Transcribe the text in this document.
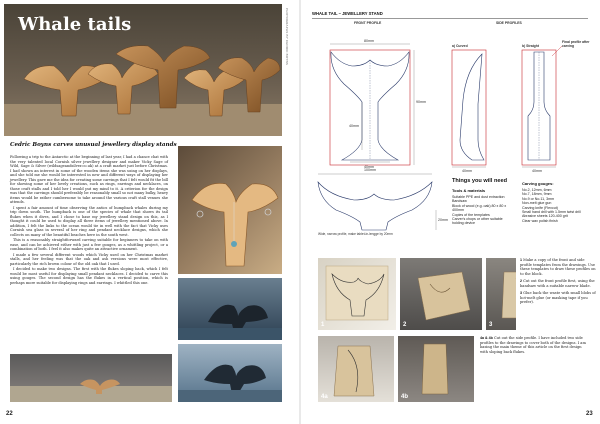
Whale tails	PHOTOGRAPHS BY CEDRIC BOYNS
Cedric Boyns carves unusual jewellery display stands

Following a trip to the Antarctic at the beginning of last year, I had a chance chat with the very talented local Cornish silver jewellery designer and maker Vicky Sage of Wild, Sage & Silver (wildsageandsilver.co.uk) at a craft market just before Christmas. I had shown an interest in some of the wooden items she was using on her displays, and she told me she would be interested in new and different ways of displaying her jewellery. This gave me the idea for creating some carvings that I felt would fit the bill for showing some of her lovely creations, such as rings, earrings and necklaces, on those craft stalls and I told her I would put my mind to it. A criterion for the design was that the carvings should preferably be reasonably small so not many bulky, heavy items would be rather cumbersome to take around the various craft stall venues she attends.

I spent a fair amount of time observing the antics of humpback whales during my trip down south. The humpback is one of the species of whale that shows its tail flukes when it dives, and I chose to base my jewellery stand design on this, as I thought it could be used to display all three items of jewellery mentioned above. In addition, I felt the links to the ocean would tie in well with the fact that Vicky uses Cornish sea glass in several of her ring and pendant necklace designs, which she collects on many of the beautiful beaches here in the south west.

This is a reasonably straightforward carving suitable for beginners to take on with ease, and can be achieved either with just a few gouges, as a whittling project, or a combination of both. I feel it also makes quite an attractive ornament.

I made a few several different woods which Vicky used on her Christmas market stalls, and her feeling was that the oak and ash versions were most effective, particularly the rich brown colour of the old oak that I used.

I decided to make two designs. The first with the flukes sloping back, which I felt would be most useful for displaying small pendant necklaces. I decided to carve this using gouges. The second design has the flukes in a vertical position, which is perhaps more suitable for displaying rings and earrings. I whittled this one.

22
WHALE TAIL – JEWELLERY STAND
FRONT PROFILE	SIDE PROFILES
80mm
90mm
40mm
40mm
a) Curved	b) Straight
Final profile after carving
40mm	40mm
100mm
20mm
Wide, narrow profile, make tablet-in-lengge by 20mm
Things you will need
Tools & materials
Suitable PPE and dust extraction
Bandsaw
Block of wood (e.g. oak) 80 x 80 x 400mm
Copies of the templates
Carver's chops or other suitable holding device
Carving gouges:
No.2, 12mm, 6mm
No.7, 18mm, 9mm
No.9 or No.11, 3mm
Non-melt glue gun
Carving knife (Flexcut)
Small hand drill with 1.5mm twist drill
Abrasive sheets 120-400 grit
Clear wax polish finish
1	2	3
4a	4b
4a & 4b Cut out the side profile. I have included two side profiles to the drawings to cover both of the designs. I am basing the main theme of this article on the first design with sloping back flukes.
23
1 Make a copy of the front and side profile templates from the drawings. Use these templates to draw these profiles on to the block.
2 Cut out the front profile first, using the bandsaw with a suitable narrow blade.
3 Glue back the waste with small blobs of hot-melt glue (or masking tape if you prefer).
